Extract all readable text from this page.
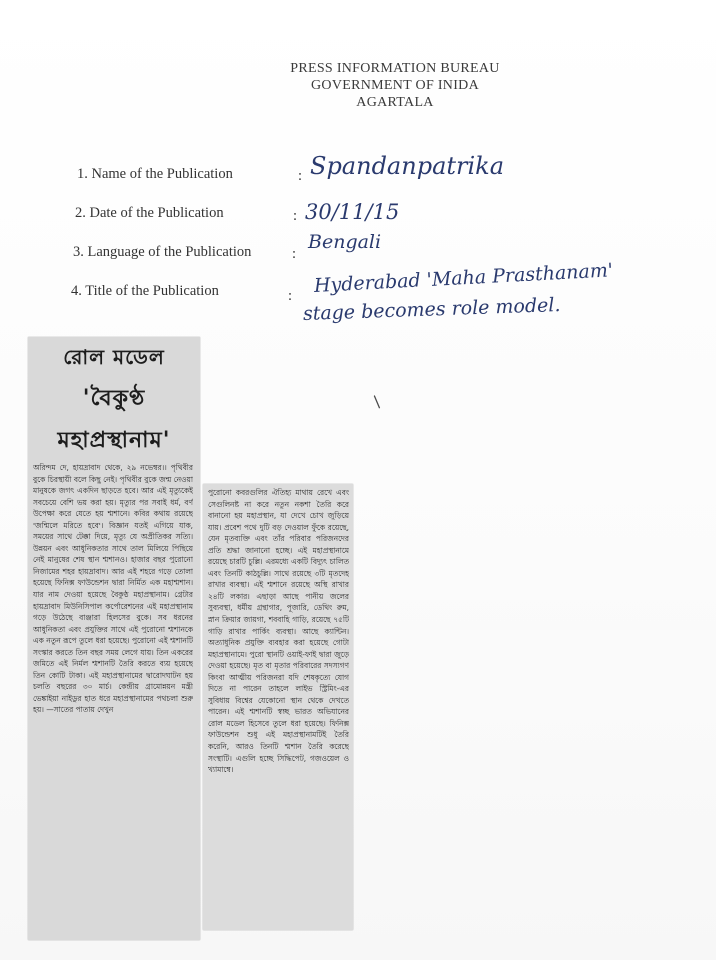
PRESS INFORMATION BUREAU
GOVERNMENT OF INIDA
AGARTALA
1. Name of the Publication	: Spandanpatrika
2. Date of the Publication	: 30/11/15
3. Language of the Publication	:
Bengali
4. Title of the Publication	: Hyderabad 'Maha Prasthanam'
stage becomes role model.
/
রোল মডেল
'বৈকুণ্ঠ
মহাপ্রস্থানাম'

অরিন্দম দে, হায়দ্রাবাদ থেকে, ২৯ নভেম্বর।। পৃথিবীর বুকে চিরস্থায়ী বলে কিছু নেই। পৃথিবীর বুকে জন্ম নেওয়া মানুষকে জগৎ একদিন ছাড়তে হবে। আর এই মৃত্যুকেই সবচেয়ে বেশি ভয় করা হয়। মৃত্যুর পর সবাই ধর্ম, বর্ণ উপেক্ষা করে যেতে হয় শ্মশানে। কবির কথায় রয়েছে 'জন্মিলে মরিতে হবে'। বিজ্ঞান যতই এগিয়ে যাক, সময়ের সাথে টেক্কা দিয়ে, মৃত্যু যে অপ্রীতিকর সত্যি। উন্নয়ন এবং আধুনিকতার সাথে তাল মিলিয়ে পিছিয়ে নেই মানুষের শেষ স্থান শ্মশানও। হাজার বছর পুরোনো নিজামের শহর হায়দ্রাবাদ। আর এই শহরে গড়ে তোলা হয়েছে ফিনিক্স ফাউন্ডেশন দ্বারা নির্মিত এক মহাশ্মশান। যার নাম দেওয়া হয়েছে বৈকুণ্ঠ মহাপ্রস্থানাম। গ্রেটার হায়দ্রাবাদ মিউনিসিপাল কর্পোরেশনের এই মহাপ্রস্থানাম গড়ে উঠেছে বাঞ্জারা হিলসের বুকে। সব ধরনের আধুনিকতা এবং প্রযুক্তির সাথে এই পুরোনো শ্মশানকে এক নতুন রূপে তুলে ধরা হয়েছে। পুরোনো এই শ্মশানটি সংস্কার করতে তিন বছর সময় লেগে যায়। তিন একরের জমিতে এই নির্মল শ্মশানটি তৈরি করতে ব্যয় হয়েছে তিন কোটি টাকা। এই মহাপ্রস্থানামের দ্বারোদঘাটন হয় চলতি বছরের ৩০ মার্চ। কেন্দ্রীয় গ্রামোন্নয়ন মন্ত্রী ভেঙ্কাইয়া নাইডুর হাত ধরে মহাপ্রস্থানামের পথচলা শুরু হয়। —সাতের পাতায় দেখুন

পুরোনো কবরগুলির ঐতিহ্য মাথায় রেখে এবং সেগুলিনষ্ট না করে নতুন নকশা তৈরি করে বানানো হয় মহাপ্রস্থান, যা দেখে চোখ জুড়িয়ে যায়। প্রবেশ পথে দুটি বড় দেওয়াল ফুঁকে রয়েছে, যেন মৃতব্যক্তি এবং তাঁর পরিবার পরিজনদের প্রতি শ্রদ্ধা জানানো হচ্ছে। এই মহাপ্রস্থানামে রয়েছে চারটি চুল্লি। এরমধ্যে একটি বিদ্যুৎ চালিত এবং তিনটি কাঠচুল্লি। সাথে রয়েছে ৩টি মৃতদেহ রাখার ব্যবস্থা। এই শ্মশানে রয়েছে অস্থি রাখার ২৪টি লকার। এছাড়া আছে পানীয় জলের সুব্যবস্থা, ধর্মীয় গ্রন্থাগার, পূজারি, ডেথিং রুম, স্নান ক্রিয়ার জায়গা, শববাহি গাড়ি, রয়েছে ৭৫টি গাড়ি রাখার পার্কিং ব্যবস্থা। আছে ক্যান্টিন। অত্যাধুনিক প্রযুক্তি ব্যবহার করা হয়েছে গোটা মহাপ্রস্থানামে। পুরো স্থানটি ওয়াই-ফাই দ্বারা জুড়ে দেওয়া হয়েছে। মৃত বা মৃতার পরিবারের সদস্যগণ কিংবা আত্মীয় পরিজনরা যদি শেষকৃত্যে যোগ দিতে না পারেন তাহলে লাইভ স্ট্রিমিং-এর সুবিধায় বিশ্বের যেকোনো স্থান থেকে দেখতে পারেন। এই শ্মশানটি স্বচ্ছ ভারত অভিযানের রোল মডেল হিসেবে তুলে ধরা হয়েছে। ফিনিক্স ফাউন্ডেশন শুধু এই মহাপ্রস্থানামটিই তৈরি করেনি, আরও তিনটি শ্মশান তৈরি করেছে সংস্থাটি। এগুলি হচ্ছে সিদ্ধিপেট, গজওয়েল ও খ্যামাম্বে।
